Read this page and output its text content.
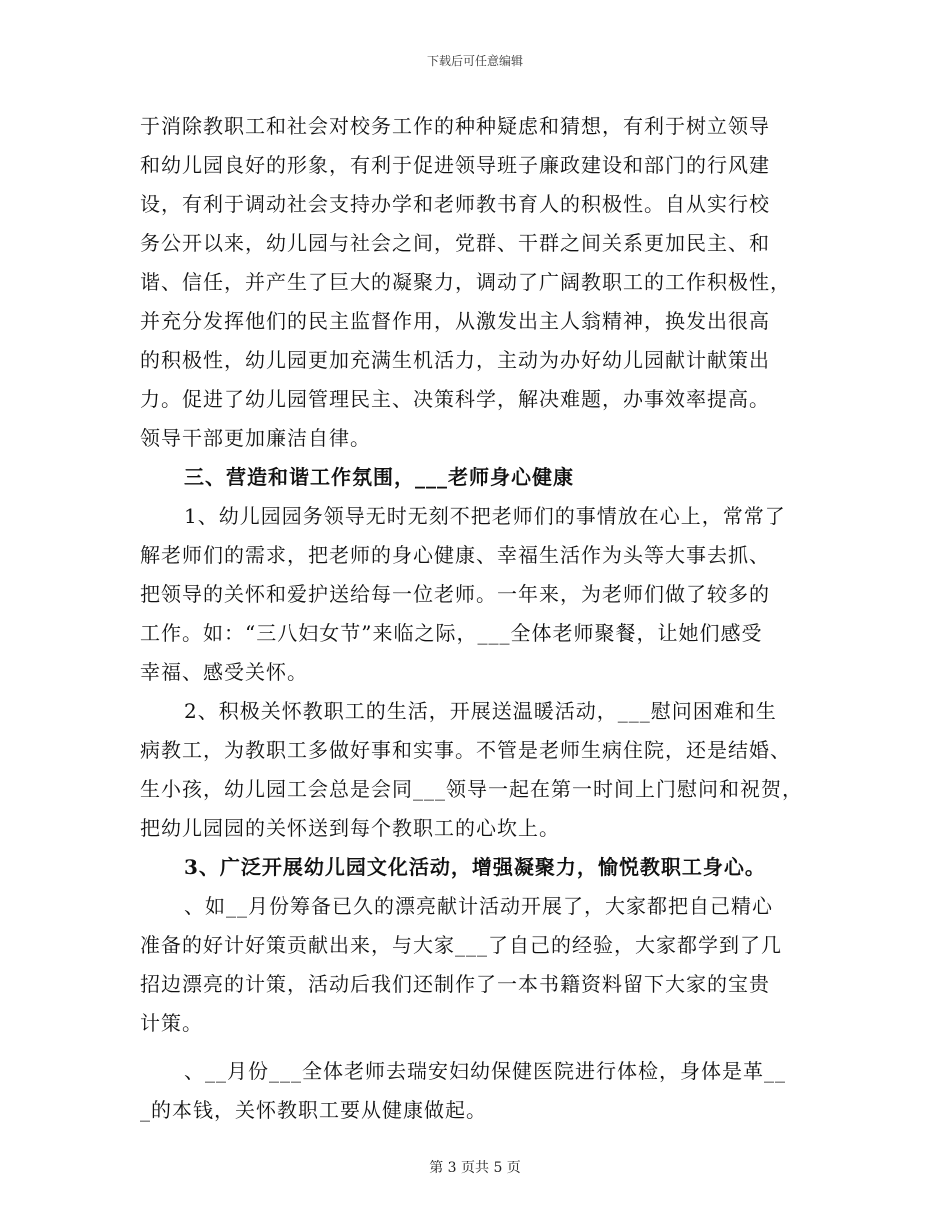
下载后可任意编辑

于消除教职工和社会对校务工作的种种疑虑和猜想，有利于树立领导
和幼儿园良好的形象，有利于促进领导班子廉政建设和部门的行风建
设，有利于调动社会支持办学和老师教书育人的积极性。自从实行校
务公开以来，幼儿园与社会之间，党群、干群之间关系更加民主、和
谐、信任，并产生了巨大的凝聚力，调动了广阔教职工的工作积极性，
并充分发挥他们的民主监督作用，从激发出主人翁精神，换发出很高
的积极性，幼儿园更加充满生机活力，主动为办好幼儿园献计献策出
力。促进了幼儿园管理民主、决策科学，解决难题，办事效率提高。
领导干部更加廉洁自律。

三、营造和谐工作氛围，___老师身心健康

1、幼儿园园务领导无时无刻不把老师们的事情放在心上，常常了
解老师们的需求，把老师的身心健康、幸福生活作为头等大事去抓、
把领导的关怀和爱护送给每一位老师。一年来，为老师们做了较多的
工作。如：“三八妇女节”来临之际，___全体老师聚餐，让她们感受
幸福、感受关怀。

2、积极关怀教职工的生活，开展送温暖活动，___慰问困难和生
病教工，为教职工多做好事和实事。不管是老师生病住院，还是结婚、
生小孩，幼儿园工会总是会同___领导一起在第一时间上门慰问和祝贺，
把幼儿园园的关怀送到每个教职工的心坎上。

3、广泛开展幼儿园文化活动，增强凝聚力，愉悦教职工身心。

、如__月份筹备已久的漂亮献计活动开展了，大家都把自己精心
准备的好计好策贡献出来，与大家___了自己的经验，大家都学到了几
招边漂亮的计策，活动后我们还制作了一本书籍资料留下大家的宝贵
计策。

、__月份___全体老师去瑞安妇幼保健医院进行体检，身体是革__
_的本钱，关怀教职工要从健康做起。

第 3 页共 5 页
